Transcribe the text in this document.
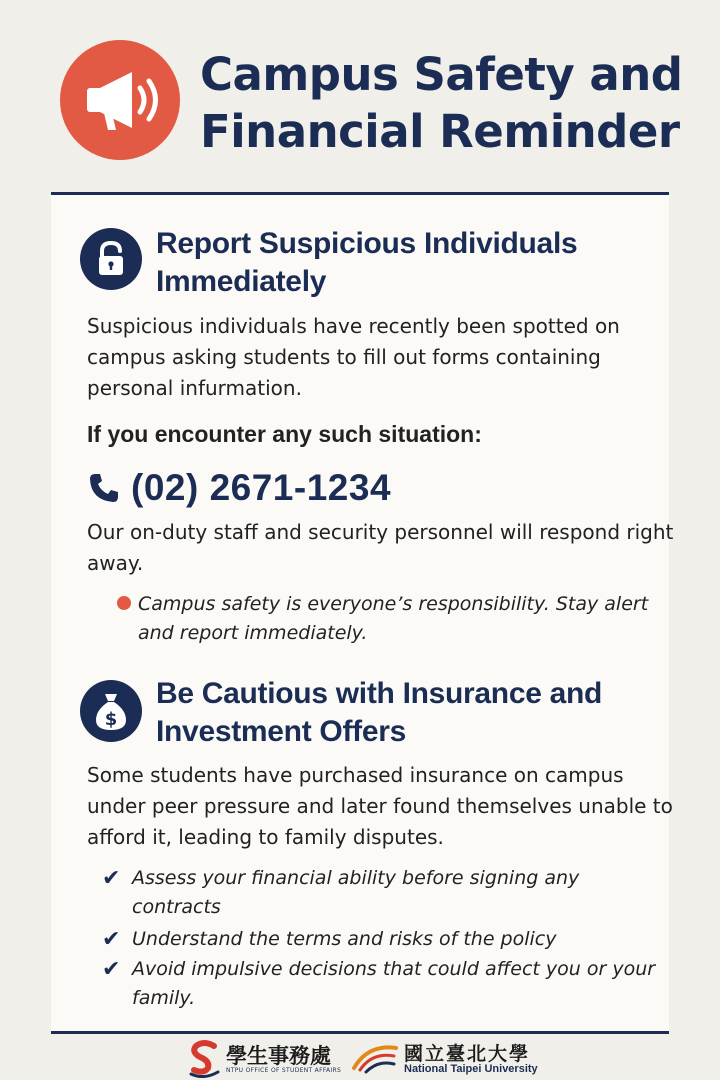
Campus Safety and Financial Reminder
Report Suspicious Individuals Immediately
Suspicious individuals have recently been spotted on campus asking students to fill out forms containing personal infurmation.
If you encounter any such situation:
(02) 2671-1234
Our on-duty staff and security personnel will respond right away.
Campus safety is everyone’s responsibility. Stay alert and report immediately.
$
Be Cautious with Insurance and Investment Offers
Some students have purchased insurance on campus under peer pressure and later found themselves unable to afford it, leading to family disputes.
✔ Assess your financial ability before signing any contracts
✔ Understand the terms and risks of the policy
✔ Avoid impulsive decisions that could affect you or your family.
學生事務處
NTPU OFFICE OF STUDENT AFFAIRS
國立臺北大學
National Taipei University
